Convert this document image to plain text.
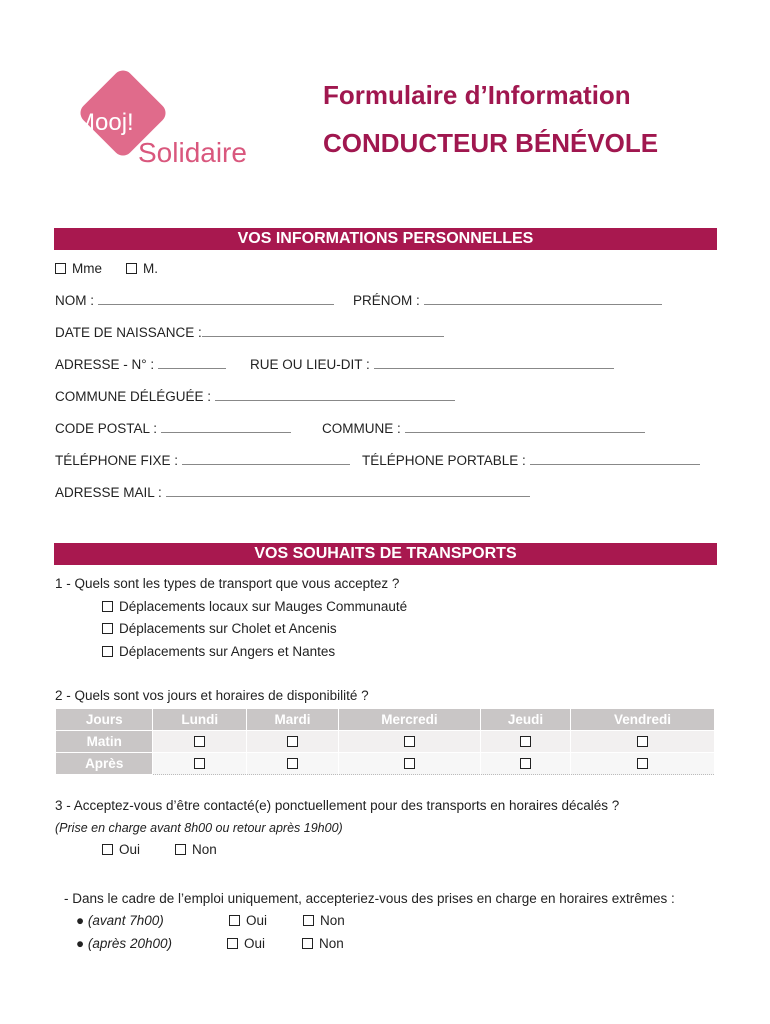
Mooj!
Solidaire
Formulaire d’Information
CONDUCTEUR BÉNÉVOLE
VOS INFORMATIONS PERSONNELLES
Mme	M.
NOM :	PRÉNOM :
DATE DE NAISSANCE :
ADRESSE - N° :	RUE OU LIEU-DIT :
COMMUNE DÉLÉGUÉE :
CODE POSTAL :	COMMUNE :
TÉLÉPHONE FIXE :	TÉLÉPHONE PORTABLE :
ADRESSE MAIL :
VOS SOUHAITS DE TRANSPORTS
1 - Quels sont les types de transport que vous acceptez ?
Déplacements locaux sur Mauges Communauté
Déplacements sur Cholet et Ancenis
Déplacements sur Angers et Nantes
2 - Quels sont vos jours et horaires de disponibilité ?
Jours	Lundi	Mardi	Mercredi	Jeudi	Vendredi
Matin					
Après					
3 - Acceptez-vous d’être contacté(e) ponctuellement pour des transports en horaires décalés ?
(Prise en charge avant 8h00 ou retour après 19h00)
Oui	Non
- Dans le cadre de l’emploi uniquement, accepteriez-vous des prises en charge en horaires extrêmes :
● (avant 7h00)	Oui	Non
● (après 20h00)	Oui	Non
